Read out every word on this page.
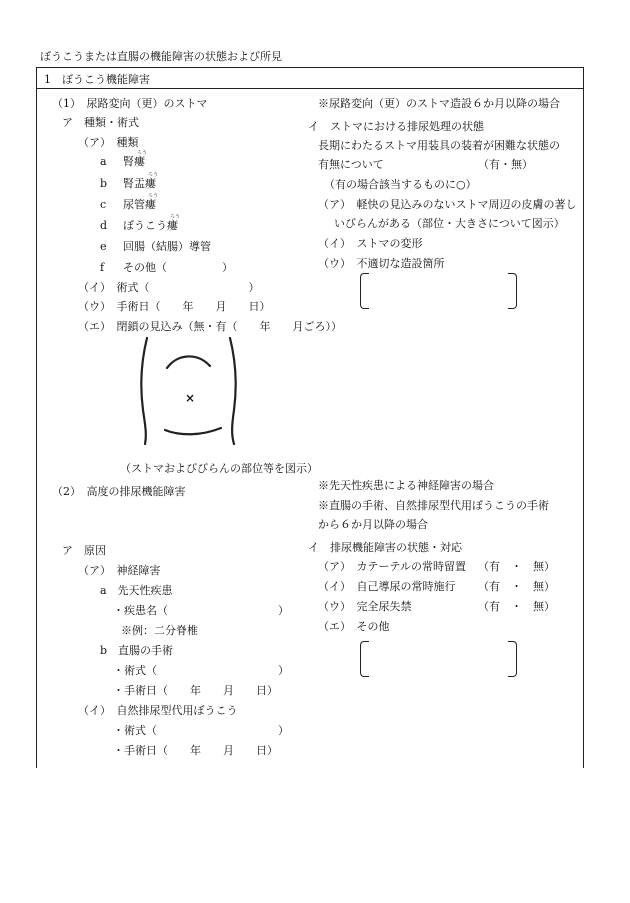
ぼうこうまたは直腸の機能障害の状態および所見
1　ぼうこう機能障害
（1）　尿路変向（更）のストマ
ア　種類・術式
（ア）　種類
a
ろう
腎瘻
b
ろう
腎盂瘻
c
ろう
尿管瘻
d
ろう
ぼうこう瘻
e 回腸（結腸）導管
f その他（　　　　　）
（イ）　術式（　　　　　　　　　）
（ウ）　手術日（　　年　　月　　日）
（エ）　閉鎖の見込み（無・有（　　年　　月ごろ））
×
（ストマおよびびらんの部位等を図示）
※尿路変向（更）のストマ造設６か月以降の場合
イ　ストマにおける排尿処理の状態
長期にわたるストマ用装具の装着が困難な状態の
有無について	（有・無）
（有の場合該当するものに○）
（ア）　軽快の見込みのないストマ周辺の皮膚の著し
いびらんがある（部位・大きさについて図示）
（イ）　ストマの変形
（ウ）　不適切な造設箇所
（2）　高度の排尿機能障害
ア　原因
（ア）　神経障害
a　先天性疾患
・疾患名（　　　　　　　　　　）
※例：二分脊椎
b　直腸の手術
・術式（　　　　　　　　　　　）
・手術日（　　年　　月　　日）
（イ）　自然排尿型代用ぼうこう
・術式（　　　　　　　　　　　）
・手術日（　　年　　月　　日）
※先天性疾患による神経障害の場合
※直腸の手術、自然排尿型代用ぼうこうの手術
から６か月以降の場合
イ　排尿機能障害の状態・対応
（ア）　カテーテルの常時留置 （有　・　無）
（イ）　自己導尿の常時施行 （有　・　無）
（ウ）　完全尿失禁	（有　・　無）
（エ）　その他
